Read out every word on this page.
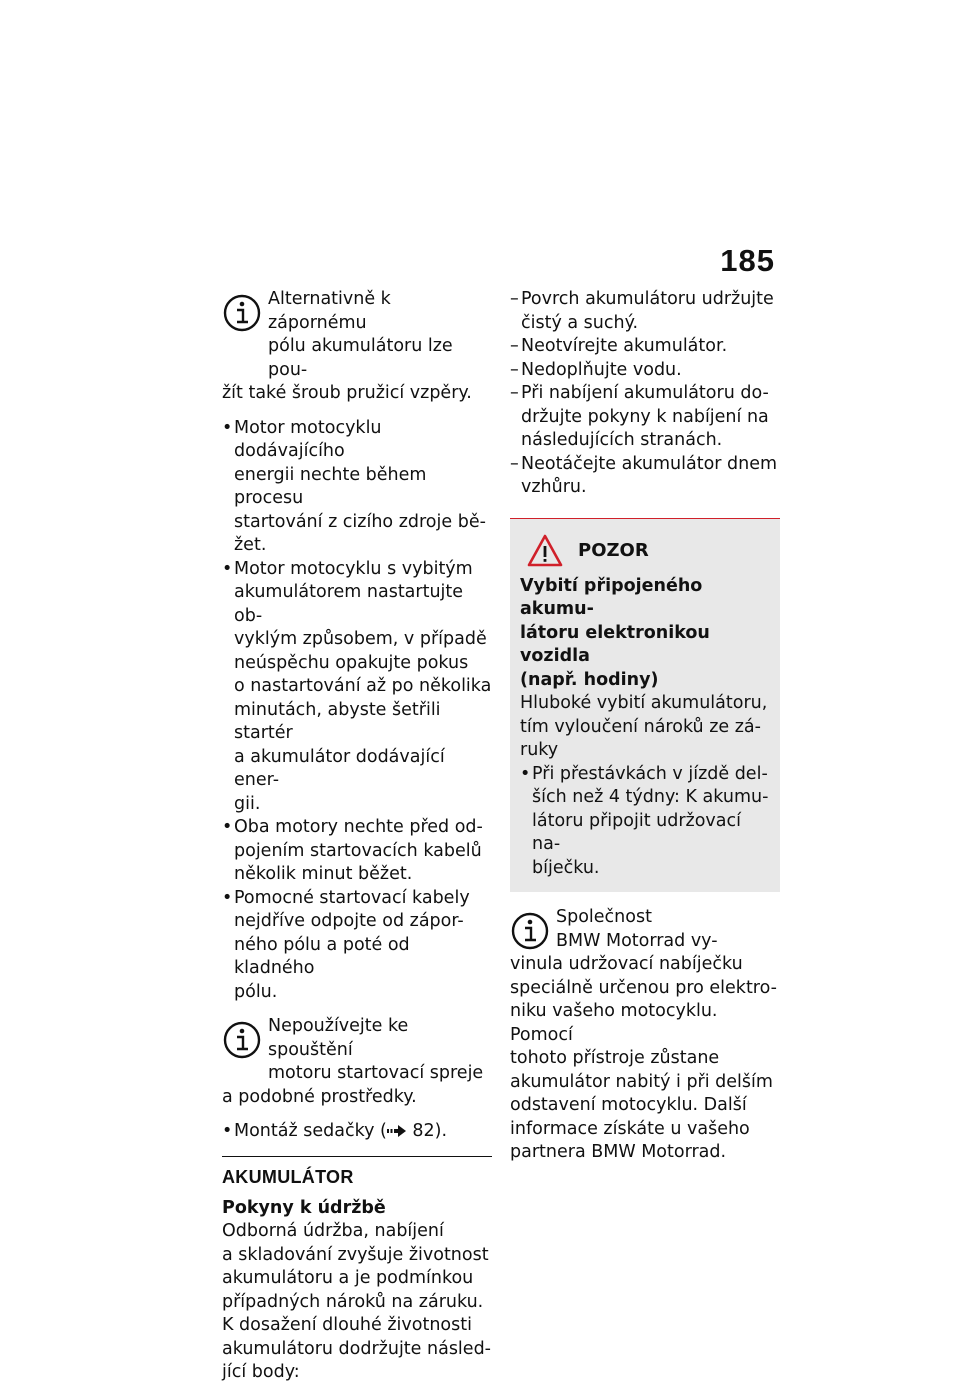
185
Alternativně k zápornému
pólu akumulátoru lze pou-
žít také šroub pružicí vzpěry.
• Motor motocyklu dodávajícího
energii nechte během procesu
startování z cizího zdroje bě-
žet.
• Motor motocyklu s vybitým
akumulátorem nastartujte ob-
vyklým způsobem, v případě
neúspěchu opakujte pokus
o nastartování až po několika
minutách, abyste šetřili startér
a akumulátor dodávající ener-
gii.
• Oba motory nechte před od-
pojením startovacích kabelů
několik minut běžet.
• Pomocné startovací kabely
nejdříve odpojte od zápor-
ného pólu a poté od kladného
pólu.
Nepoužívejte ke spouštění
motoru startovací spreje
a podobné prostředky.
• Montáž sedačky ( 82).
AKUMULÁTOR
Pokyny k údržbě
Odborná údržba, nabíjení
a skladování zvyšuje životnost
akumulátoru a je podmínkou
případných nároků na záruku.
K dosažení dlouhé životnosti
akumulátoru dodržujte násled-
jící body:
– Povrch akumulátoru udržujte
čistý a suchý.
– Neotvírejte akumulátor.
– Nedoplňujte vodu.
– Při nabíjení akumulátoru do-
držujte pokyny k nabíjení na
následujících stranách.
– Neotáčejte akumulátor dnem
vzhůru.
POZOR
Vybití připojeného akumu-
látoru elektronikou vozidla
(např. hodiny)
Hluboké vybití akumulátoru,
tím vyloučení nároků ze zá-
ruky
• Při přestávkách v jízdě del-
ších než 4 týdny: K akumu-
látoru připojit udržovací na-
bíječku.
Společnost
BMW Motorrad vy-
vinula udržovací nabíječku
speciálně určenou pro elektro-
niku vašeho motocyklu. Pomocí
tohoto přístroje zůstane
akumulátor nabitý i při delším
odstavení motocyklu. Další
informace získáte u vašeho
partnera BMW Motorrad.
